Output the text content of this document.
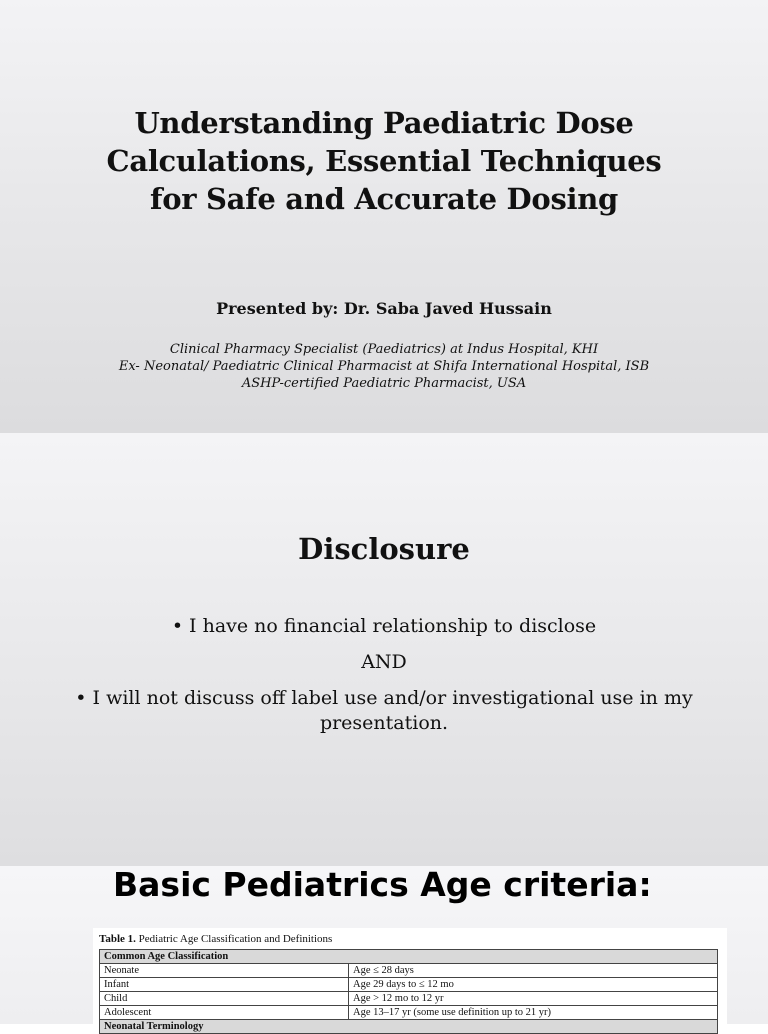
Understanding Paediatric Dose
Calculations, Essential Techniques
for Safe and Accurate Dosing
Presented by: Dr. Saba Javed Hussain
Clinical Pharmacy Specialist (Paediatrics) at Indus Hospital, KHI
Ex- Neonatal/ Paediatric Clinical Pharmacist at Shifa International Hospital, ISB
ASHP-certified Paediatric Pharmacist, USA
Disclosure

• I have no financial relationship to disclose

AND

• I will not discuss off label use and/or investigational use in my presentation.

Basic Pediatrics Age criteria:
Table 1. Pediatric Age Classification and Definitions
Common Age Classification	
Neonate	Age ≤ 28 days
Infant	Age 29 days to ≤ 12 mo
Child	Age > 12 mo to 12 yr
Adolescent	Age 13–17 yr (some use definition up to 21 yr)
Neonatal Terminology	
